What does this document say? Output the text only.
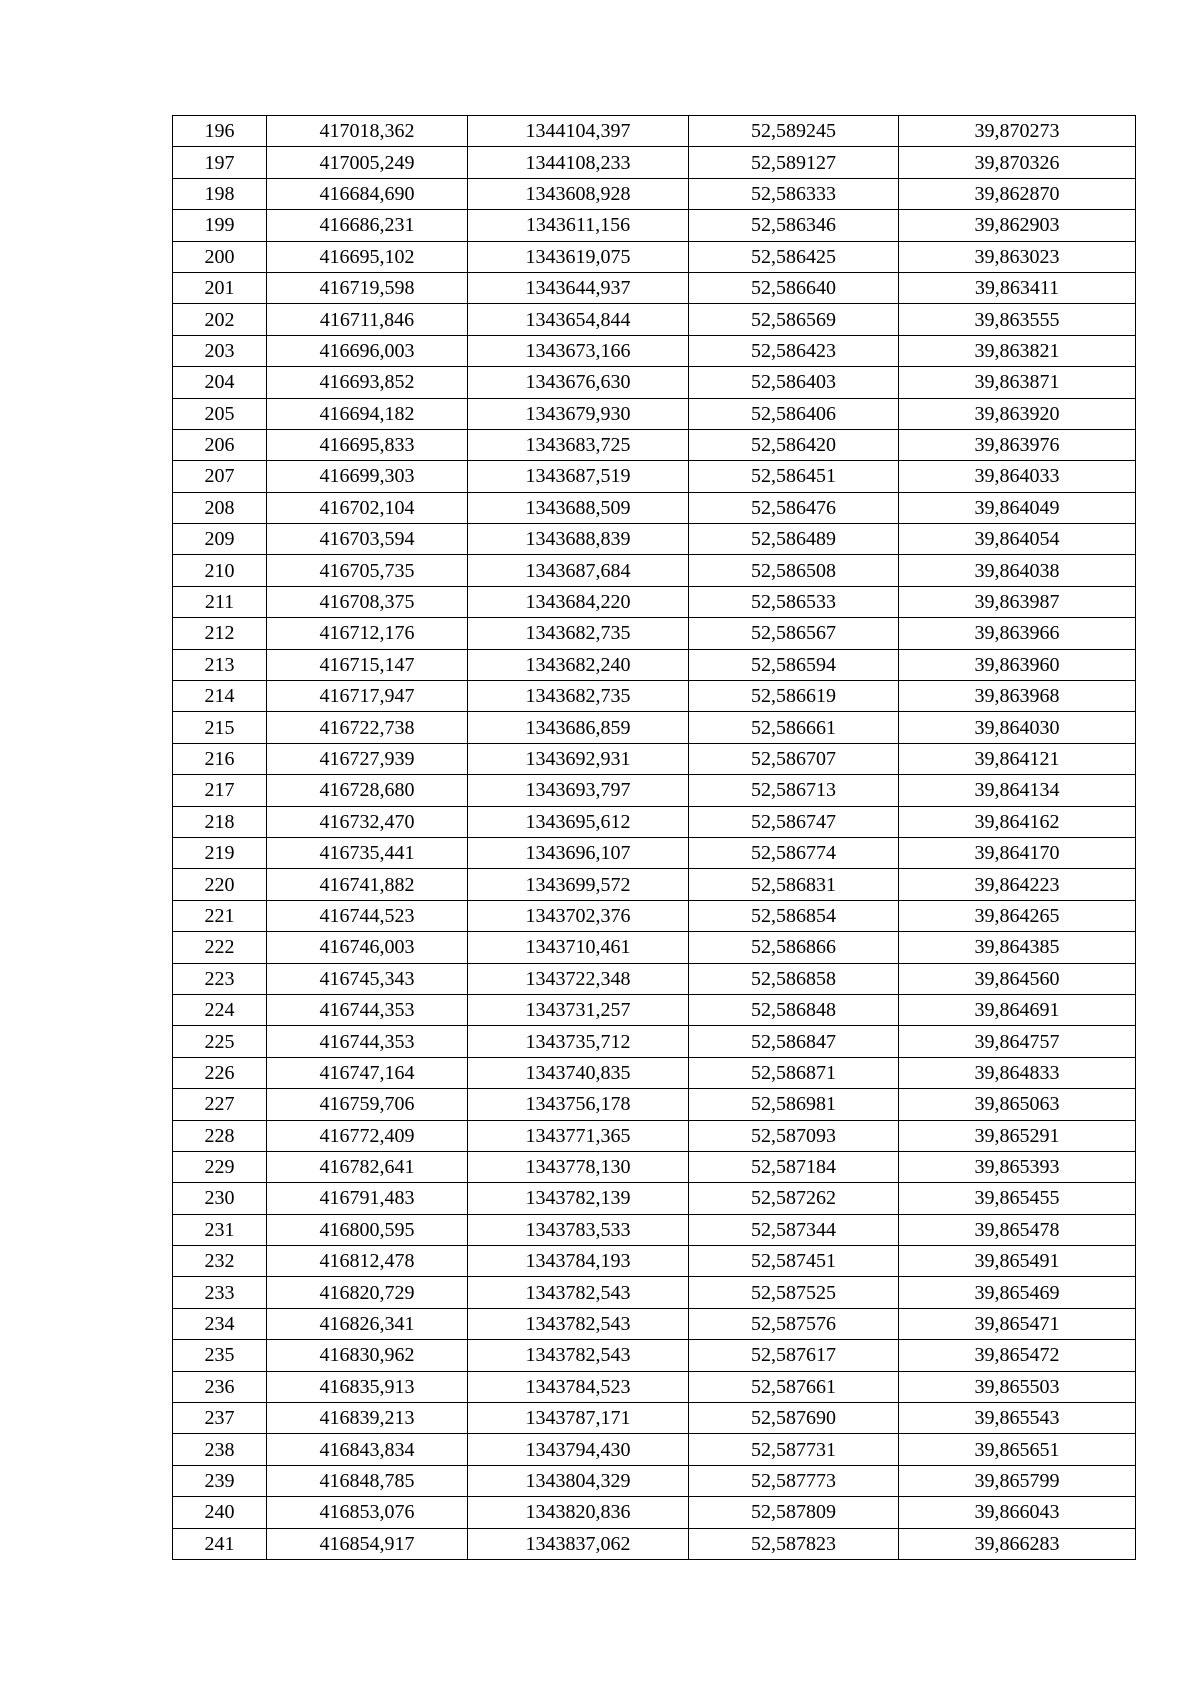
196	417018,362	1344104,397	52,589245	39,870273
197	417005,249	1344108,233	52,589127	39,870326
198	416684,690	1343608,928	52,586333	39,862870
199	416686,231	1343611,156	52,586346	39,862903
200	416695,102	1343619,075	52,586425	39,863023
201	416719,598	1343644,937	52,586640	39,863411
202	416711,846	1343654,844	52,586569	39,863555
203	416696,003	1343673,166	52,586423	39,863821
204	416693,852	1343676,630	52,586403	39,863871
205	416694,182	1343679,930	52,586406	39,863920
206	416695,833	1343683,725	52,586420	39,863976
207	416699,303	1343687,519	52,586451	39,864033
208	416702,104	1343688,509	52,586476	39,864049
209	416703,594	1343688,839	52,586489	39,864054
210	416705,735	1343687,684	52,586508	39,864038
211	416708,375	1343684,220	52,586533	39,863987
212	416712,176	1343682,735	52,586567	39,863966
213	416715,147	1343682,240	52,586594	39,863960
214	416717,947	1343682,735	52,586619	39,863968
215	416722,738	1343686,859	52,586661	39,864030
216	416727,939	1343692,931	52,586707	39,864121
217	416728,680	1343693,797	52,586713	39,864134
218	416732,470	1343695,612	52,586747	39,864162
219	416735,441	1343696,107	52,586774	39,864170
220	416741,882	1343699,572	52,586831	39,864223
221	416744,523	1343702,376	52,586854	39,864265
222	416746,003	1343710,461	52,586866	39,864385
223	416745,343	1343722,348	52,586858	39,864560
224	416744,353	1343731,257	52,586848	39,864691
225	416744,353	1343735,712	52,586847	39,864757
226	416747,164	1343740,835	52,586871	39,864833
227	416759,706	1343756,178	52,586981	39,865063
228	416772,409	1343771,365	52,587093	39,865291
229	416782,641	1343778,130	52,587184	39,865393
230	416791,483	1343782,139	52,587262	39,865455
231	416800,595	1343783,533	52,587344	39,865478
232	416812,478	1343784,193	52,587451	39,865491
233	416820,729	1343782,543	52,587525	39,865469
234	416826,341	1343782,543	52,587576	39,865471
235	416830,962	1343782,543	52,587617	39,865472
236	416835,913	1343784,523	52,587661	39,865503
237	416839,213	1343787,171	52,587690	39,865543
238	416843,834	1343794,430	52,587731	39,865651
239	416848,785	1343804,329	52,587773	39,865799
240	416853,076	1343820,836	52,587809	39,866043
241	416854,917	1343837,062	52,587823	39,866283
